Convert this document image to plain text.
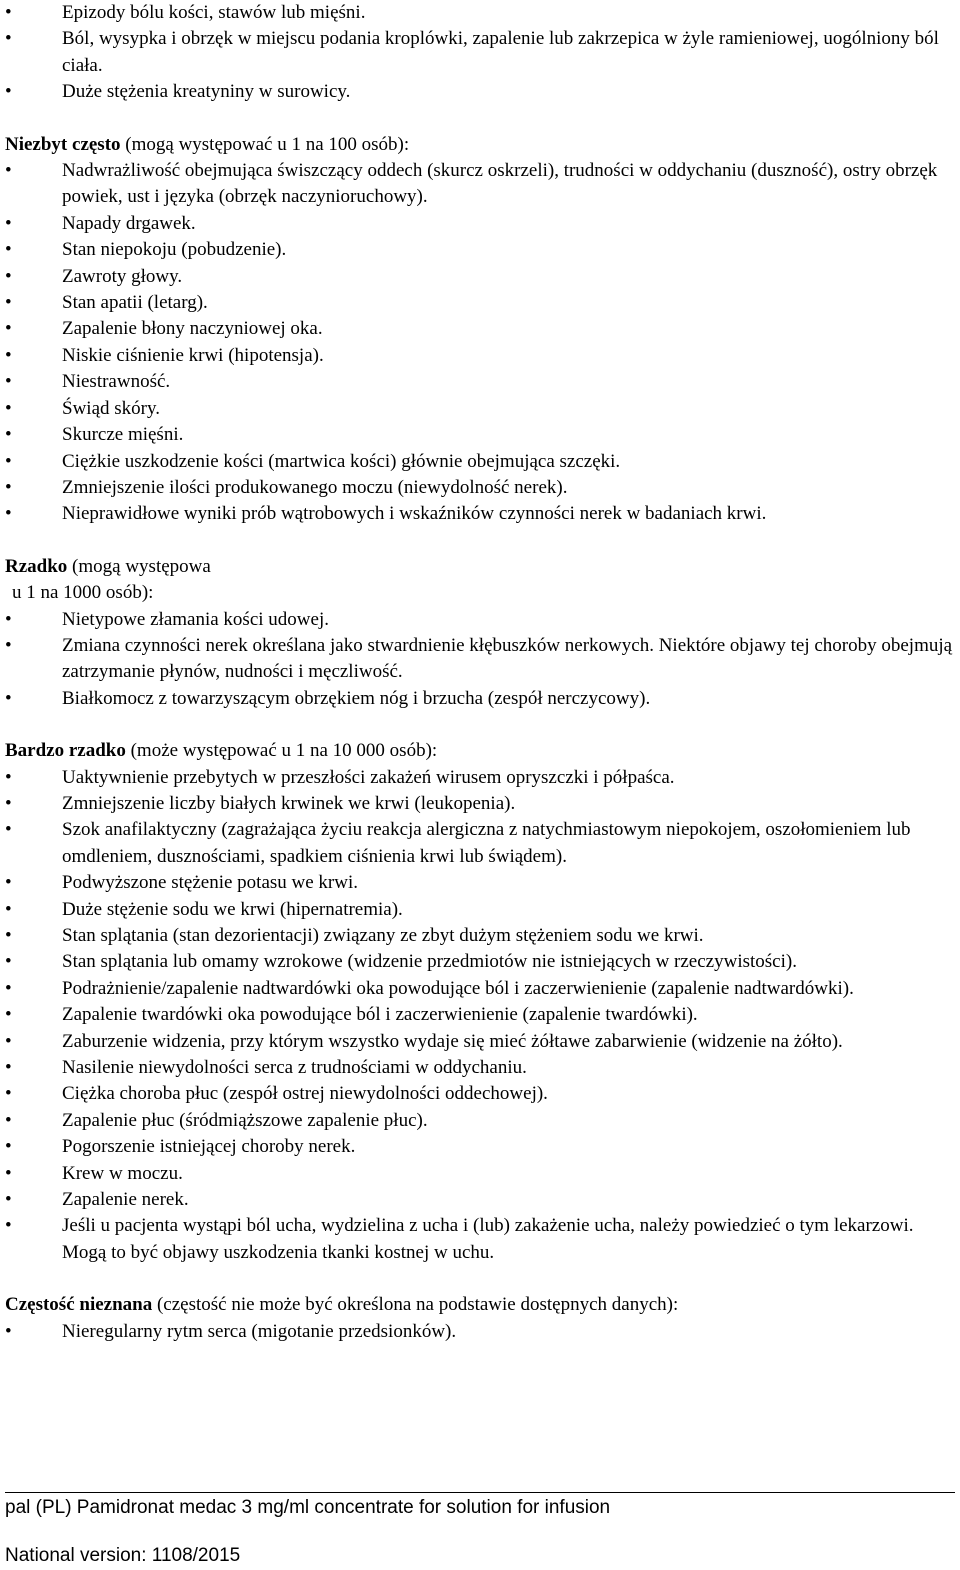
• Epizody bólu kości, stawów lub mięśni.
• Ból, wysypka i obrzęk w miejscu podania kroplówki, zapalenie lub zakrzepica w żyle ramieniowej, uogólniony ból ciała.
• Duże stężenia kreatyniny w surowicy.
Niezbyt często (mogą występować u 1 na 100 osób):
• Nadwrażliwość obejmująca świszczący oddech (skurcz oskrzeli), trudności w oddychaniu (duszność), ostry obrzęk powiek, ust i języka (obrzęk naczynioruchowy).
• Napady drgawek.
• Stan niepokoju (pobudzenie).
• Zawroty głowy.
• Stan apatii (letarg).
• Zapalenie błony naczyniowej oka.
• Niskie ciśnienie krwi (hipotensja).
• Niestrawność.
• Świąd skóry.
• Skurcze mięśni.
• Ciężkie uszkodzenie kości (martwica kości) głównie obejmująca szczęki.
• Zmniejszenie ilości produkowanego moczu (niewydolność nerek).
• Nieprawidłowe wyniki prób wątrobowych i wskaźników czynności nerek w badaniach krwi.
Rzadko (mogą występowa
u 1 na 1000 osób):
• Nietypowe złamania kości udowej.
• Zmiana czynności nerek określana jako stwardnienie kłębuszków nerkowych. Niektóre objawy tej choroby obejmują zatrzymanie płynów, nudności i męczliwość.
• Białkomocz z towarzyszącym obrzękiem nóg i brzucha (zespół nerczycowy).
Bardzo rzadko (może występować u 1 na 10 000 osób):
• Uaktywnienie przebytych w przeszłości zakażeń wirusem opryszczki i półpaśca.
• Zmniejszenie liczby białych krwinek we krwi (leukopenia).
• Szok anafilaktyczny (zagrażająca życiu reakcja alergiczna z natychmiastowym niepokojem, oszołomieniem lub omdleniem, dusznościami, spadkiem ciśnienia krwi lub świądem).
• Podwyższone stężenie potasu we krwi.
• Duże stężenie sodu we krwi (hipernatremia).
• Stan splątania (stan dezorientacji) związany ze zbyt dużym stężeniem sodu we krwi.
• Stan splątania lub omamy wzrokowe (widzenie przedmiotów nie istniejących w rzeczywistości).
• Podrażnienie/zapalenie nadtwardówki oka powodujące ból i zaczerwienienie (zapalenie nadtwardówki).
• Zapalenie twardówki oka powodujące ból i zaczerwienienie (zapalenie twardówki).
• Zaburzenie widzenia, przy którym wszystko wydaje się mieć żółtawe zabarwienie (widzenie na żółto).
• Nasilenie niewydolności serca z trudnościami w oddychaniu.
• Ciężka choroba płuc (zespół ostrej niewydolności oddechowej).
• Zapalenie płuc (śródmiąższowe zapalenie płuc).
• Pogorszenie istniejącej choroby nerek.
• Krew w moczu.
• Zapalenie nerek.
• Jeśli u pacjenta wystąpi ból ucha, wydzielina z ucha i (lub) zakażenie ucha, należy powiedzieć o tym lekarzowi. Mogą to być objawy uszkodzenia tkanki kostnej w uchu.
Częstość nieznana (częstość nie może być określona na podstawie dostępnych danych):
• Nieregularny rytm serca (migotanie przedsionków).
pal (PL) Pamidronat medac 3 mg/ml concentrate for solution for infusion
National version: 1108/2015
